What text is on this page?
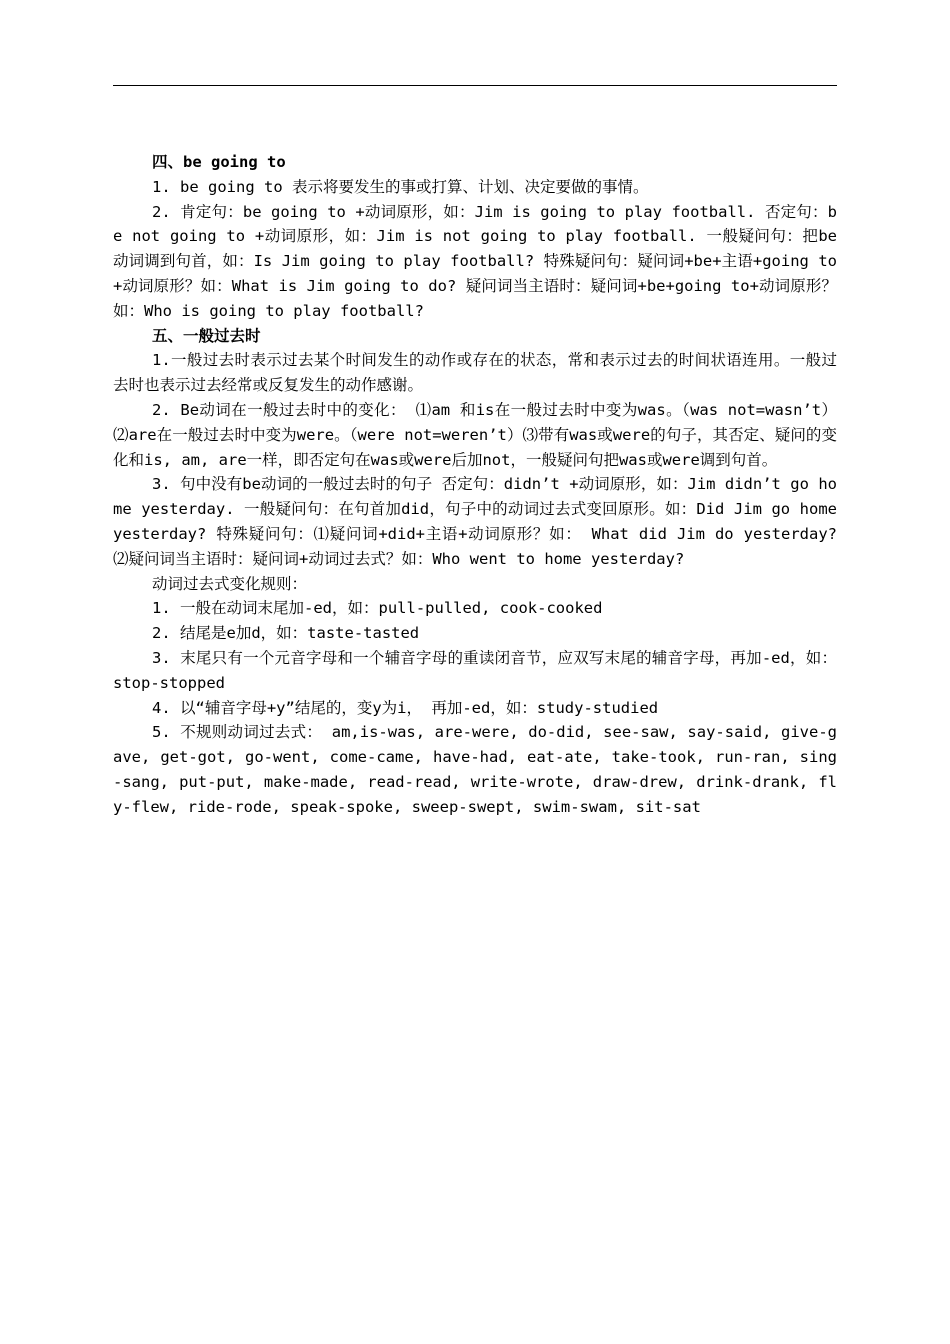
四、be going to

1. be going to 表示将要发生的事或打算、计划、决定要做的事情。

2. 肯定句：be going to +动词原形，如：Jim is going to play football. 否定句：be not going to +动词原形，如：Jim is not going to play football. 一般疑问句：把be动词调到句首，如：Is Jim going to play football? 特殊疑问句：疑问词+be+主语+going to+动词原形？如：What is Jim going to do? 疑问词当主语时：疑问词+be+going to+动词原形？如：Who is going to play football?

五、一般过去时

1.一般过去时表示过去某个时间发生的动作或存在的状态，常和表示过去的时间状语连用。一般过去时也表示过去经常或反复发生的动作感谢。

2. Be动词在一般过去时中的变化： ⑴am 和is在一般过去时中变为was。（was not=wasn’t）⑵are在一般过去时中变为were。（were not=weren’t）⑶带有was或were的句子，其否定、疑问的变化和is, am, are一样，即否定句在was或were后加not，一般疑问句把was或were调到句首。

3. 句中没有be动词的一般过去时的句子 否定句：didn’t +动词原形，如：Jim didn’t go home yesterday. 一般疑问句：在句首加did，句子中的动词过去式变回原形。如：Did Jim go home yesterday? 特殊疑问句：⑴疑问词+did+主语+动词原形？如： What did Jim do yesterday? ⑵疑问词当主语时：疑问词+动词过去式？如：Who went to home yesterday?

动词过去式变化规则：

1. 一般在动词末尾加-ed，如：pull-pulled, cook-cooked

2. 结尾是e加d，如：taste-tasted

3. 末尾只有一个元音字母和一个辅音字母的重读闭音节，应双写末尾的辅音字母，再加-ed，如：stop-stopped

4. 以“辅音字母+y”结尾的，变y为i， 再加-ed，如：study-studied

5. 不规则动词过去式： am,is-was, are-were, do-did, see-saw, say-said, give-gave, get-got, go-went, come-came, have-had, eat-ate, take-took, run-ran, sing-sang, put-put, make-made, read-read, write-wrote, draw-drew, drink-drank, fly-flew, ride-rode, speak-spoke, sweep-swept, swim-swam, sit-sat
